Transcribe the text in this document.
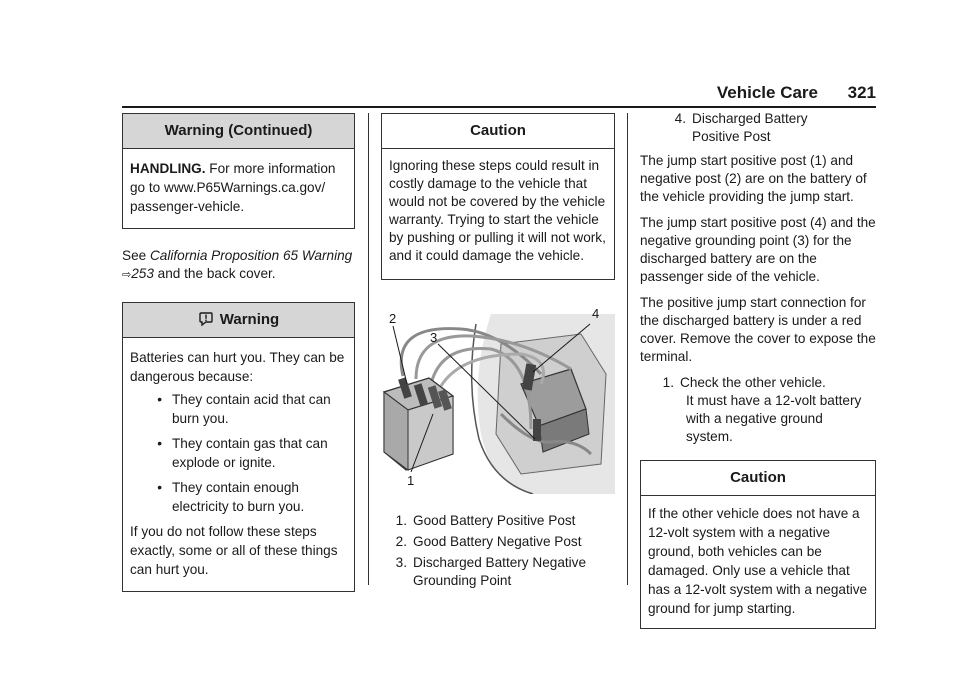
Vehicle Care 321
Warning (Continued)

HANDLING. For more information go to www.P65Warnings.ca.gov/ passenger-vehicle.

See California Proposition 65 Warning ⇨253 and the back cover.

Warning

Batteries can hurt you. They can be dangerous because:

• They contain acid that can burn you.
• They contain gas that can explode or ignite.
• They contain enough electricity to burn you.

If you do not follow these steps exactly, some or all of these things can hurt you.

Caution

Ignoring these steps could result in costly damage to the vehicle that would not be covered by the vehicle warranty. Trying to start the vehicle by pushing or pulling it will not work, and it could damage the vehicle.

2
3
4
1
1. Good Battery Positive Post
2. Good Battery Negative Post
3. Discharged Battery Negative Grounding Point
4. Discharged Battery Positive Post

The jump start positive post (1) and negative post (2) are on the battery of the vehicle providing the jump start.

The jump start positive post (4) and the negative grounding point (3) for the discharged battery are on the passenger side of the vehicle.

The positive jump start connection for the discharged battery is under a red cover. Remove the cover to expose the terminal.

1. Check the other vehicle.

It must have a 12-volt battery with a negative ground system.
Caution

If the other vehicle does not have a 12-volt system with a negative ground, both vehicles can be damaged. Only use a vehicle that has a 12-volt system with a negative ground for jump starting.
